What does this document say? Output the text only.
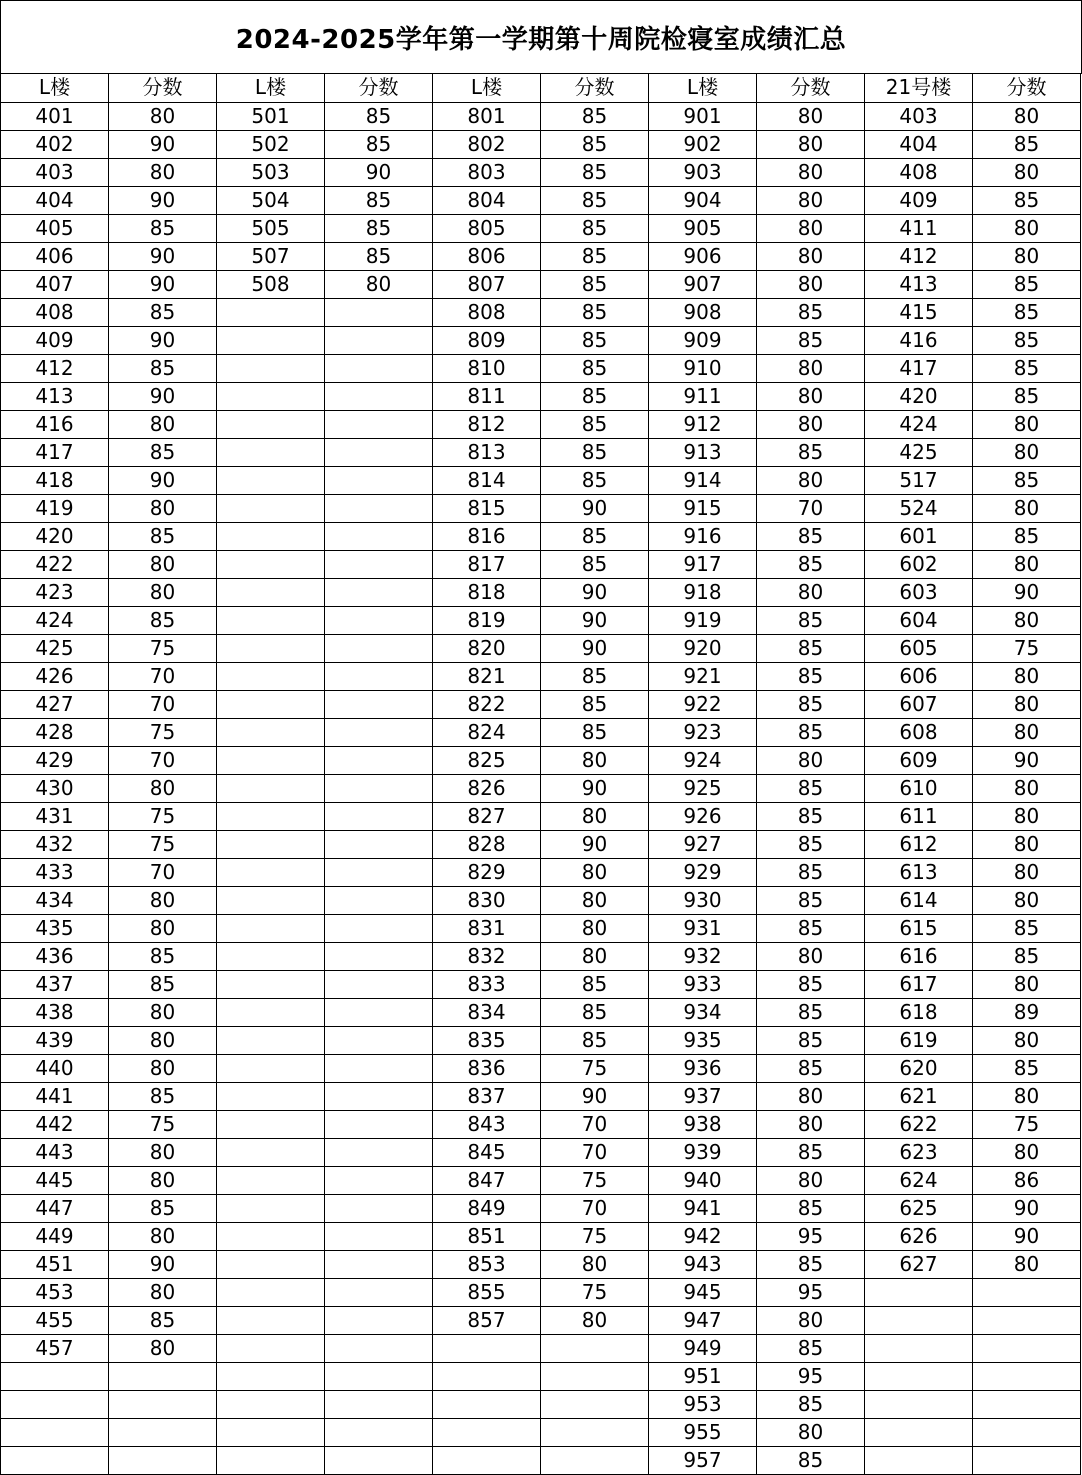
2024-2025学年第一学期第十周院检寝室成绩汇总
L楼	分数	L楼	分数	L楼	分数	L楼	分数	21号楼	分数
401	80	501	85	801	85	901	80	403	80
402	90	502	85	802	85	902	80	404	85
403	80	503	90	803	85	903	80	408	80
404	90	504	85	804	85	904	80	409	85
405	85	505	85	805	85	905	80	411	80
406	90	507	85	806	85	906	80	412	80
407	90	508	80	807	85	907	80	413	85
408	85			808	85	908	85	415	85
409	90			809	85	909	85	416	85
412	85			810	85	910	80	417	85
413	90			811	85	911	80	420	85
416	80			812	85	912	80	424	80
417	85			813	85	913	85	425	80
418	90			814	85	914	80	517	85
419	80			815	90	915	70	524	80
420	85			816	85	916	85	601	85
422	80			817	85	917	85	602	80
423	80			818	90	918	80	603	90
424	85			819	90	919	85	604	80
425	75			820	90	920	85	605	75
426	70			821	85	921	85	606	80
427	70			822	85	922	85	607	80
428	75			824	85	923	85	608	80
429	70			825	80	924	80	609	90
430	80			826	90	925	85	610	80
431	75			827	80	926	85	611	80
432	75			828	90	927	85	612	80
433	70			829	80	929	85	613	80
434	80			830	80	930	85	614	80
435	80			831	80	931	85	615	85
436	85			832	80	932	80	616	85
437	85			833	85	933	85	617	80
438	80			834	85	934	85	618	89
439	80			835	85	935	85	619	80
440	80			836	75	936	85	620	85
441	85			837	90	937	80	621	80
442	75			843	70	938	80	622	75
443	80			845	70	939	85	623	80
445	80			847	75	940	80	624	86
447	85			849	70	941	85	625	90
449	80			851	75	942	95	626	90
451	90			853	80	943	85	627	80
453	80			855	75	945	95		
455	85			857	80	947	80		
457	80					949	85		
						951	95		
						953	85		
						955	80		
						957	85		
